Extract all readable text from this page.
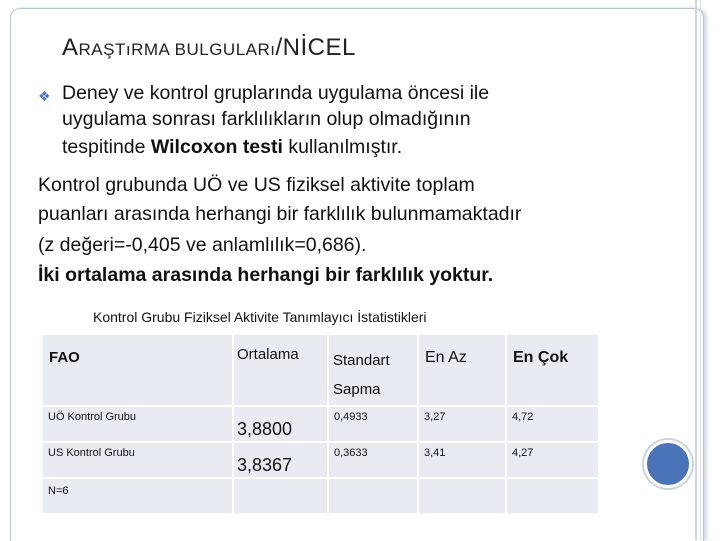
ARAŞTıRMA BULGULARı/NİCEL
❖ Deney ve kontrol gruplarında uygulama öncesi ile
uygulama sonrası farklılıkların olup olmadığının
tespitinde Wilcoxon testi kullanılmıştır.
Kontrol grubunda UÖ ve US fiziksel aktivite toplam
puanları arasında herhangi bir farklılık bulunmamaktadır
(z değeri=-0,405 ve anlamlılık=0,686).
İki ortalama arasında herhangi bir farklılık yoktur.
Kontrol Grubu Fiziksel Aktivite Tanımlayıcı İstatistikleri
FAO	Ortalama	Standart Sapma	En Az	En Çok

UÖ Kontrol Grubu	3,8800	0,4933	3,27	4,72

US Kontrol Grubu	3,8367	0,3633	3,41	4,27

N=6				
